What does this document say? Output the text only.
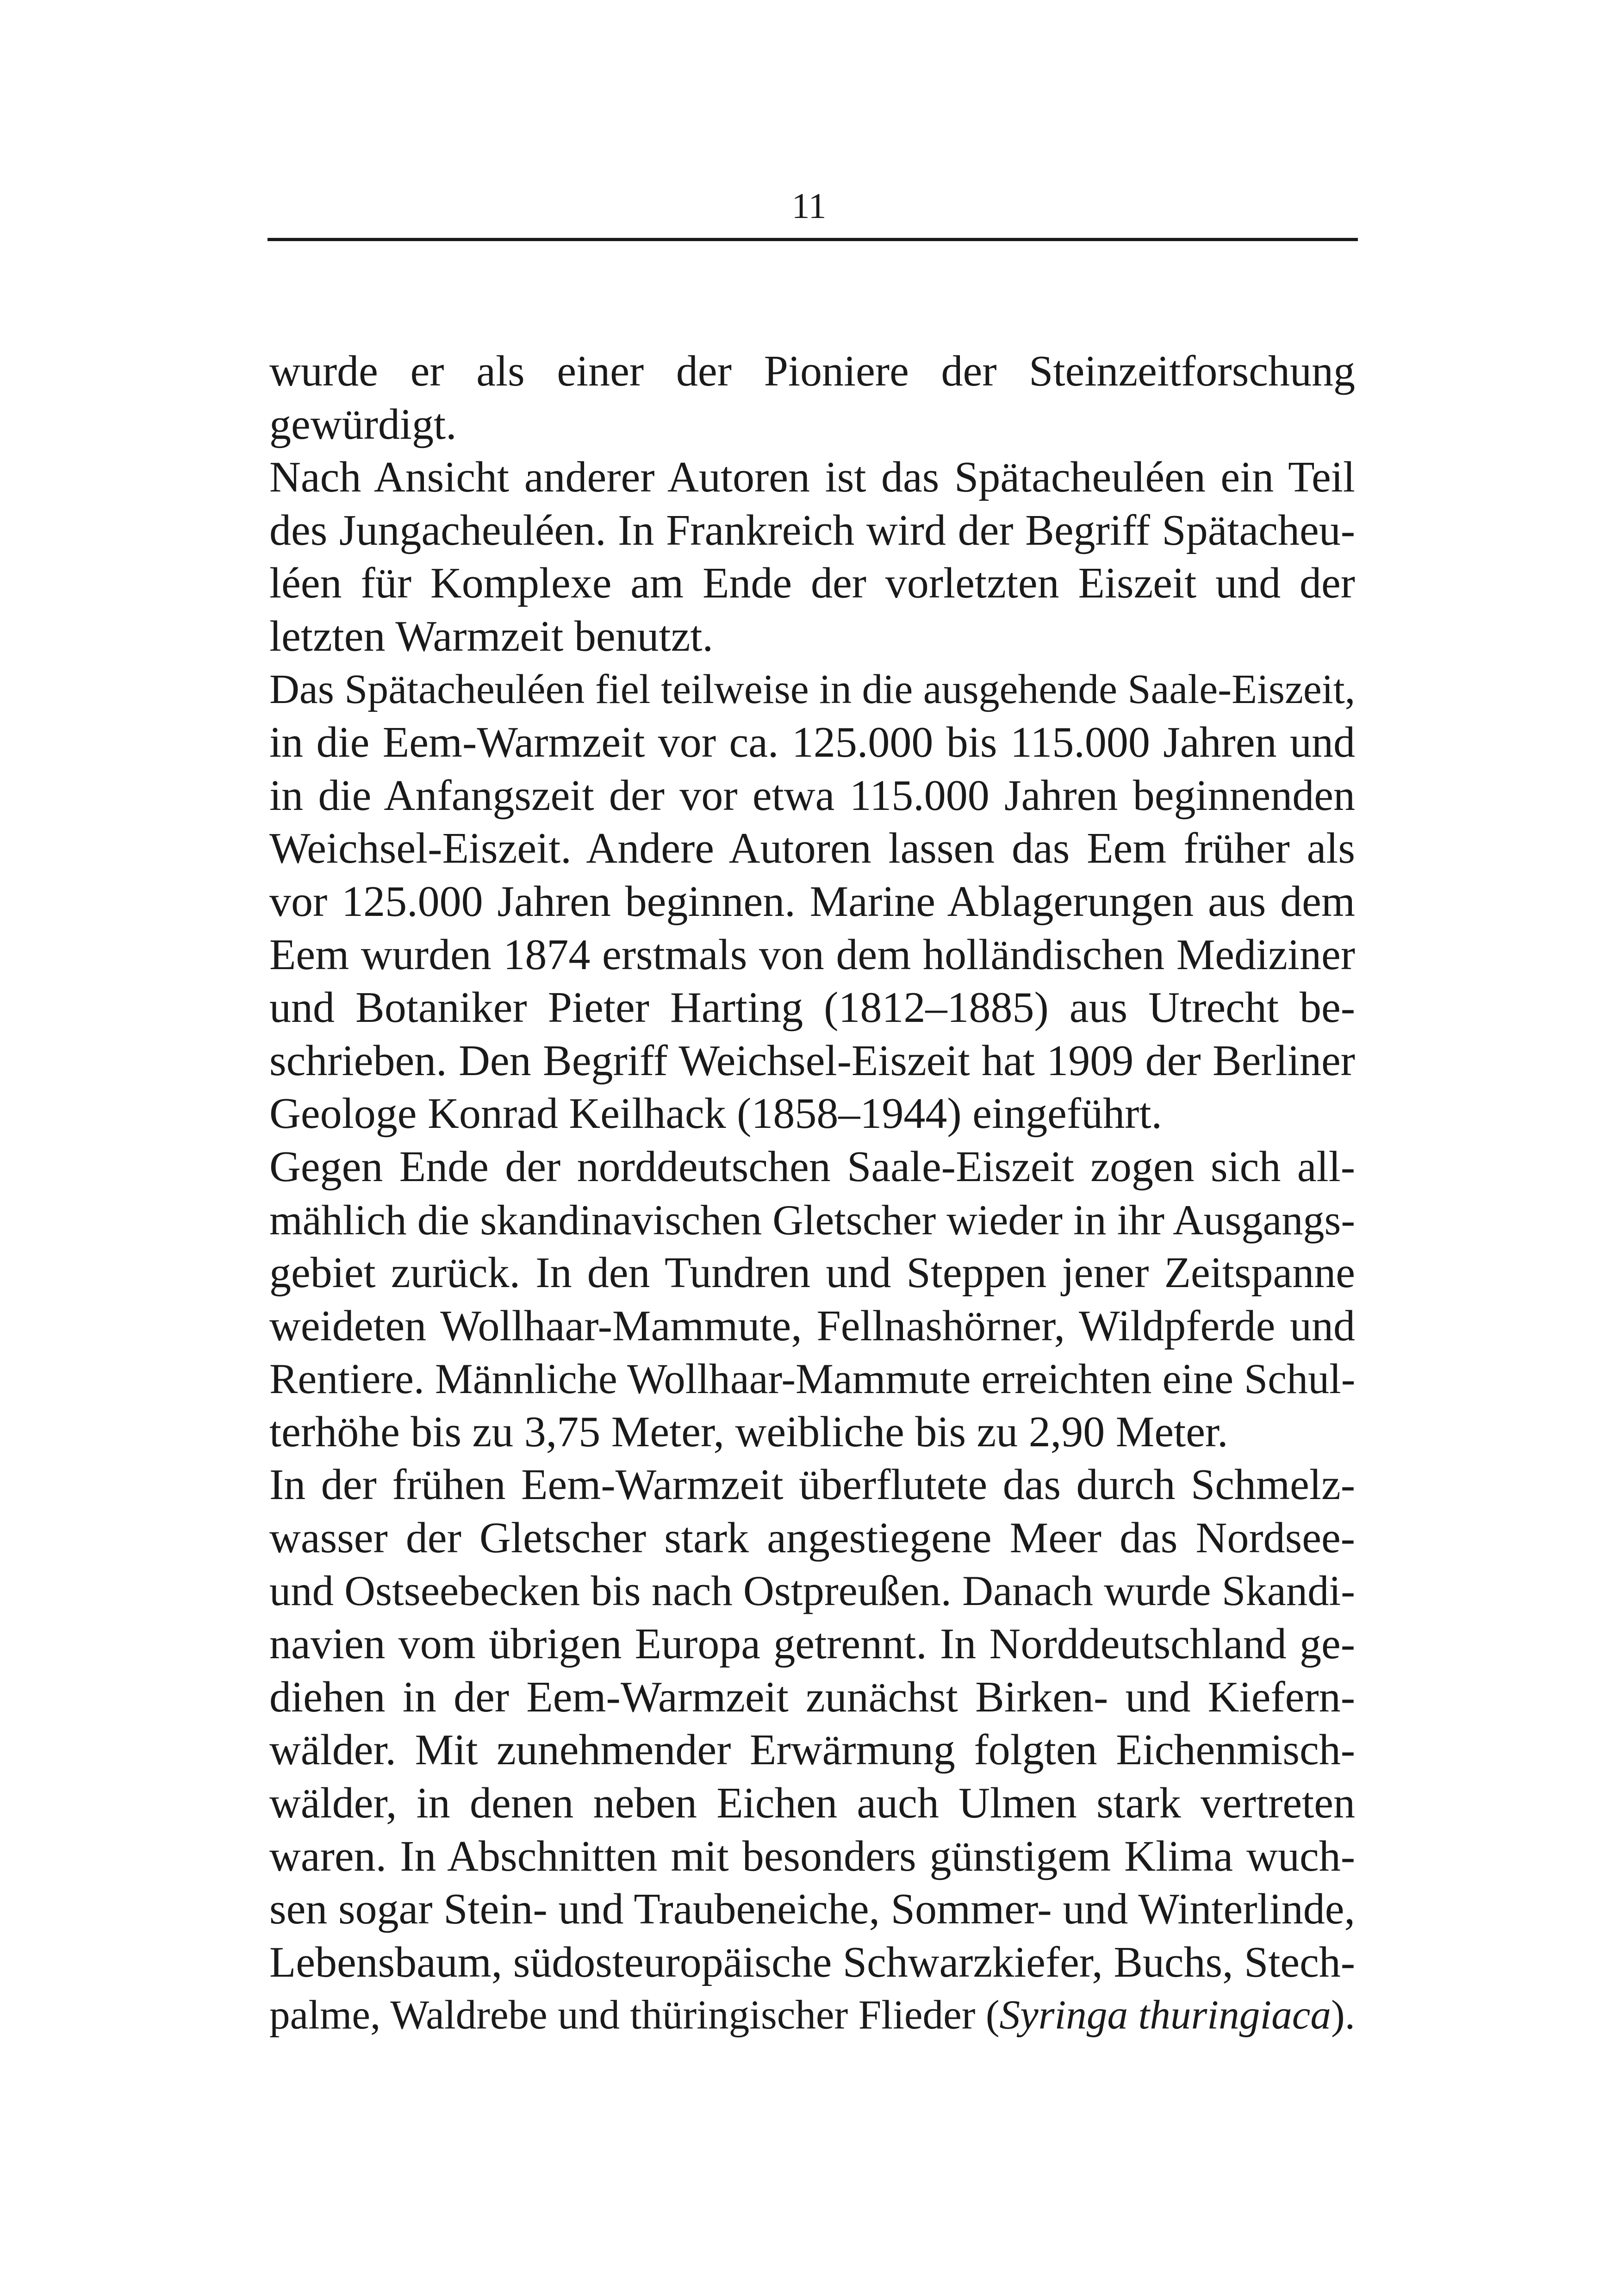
11
wurde er als einer der Pioniere der Steinzeitforschung
gewürdigt.
Nach Ansicht anderer Autoren ist das Spätacheuléen ein Teil
des Jungacheuléen. In Frankreich wird der Begriff Spätacheu-
léen für Komplexe am Ende der vorletzten Eiszeit und der
letzten Warmzeit benutzt.
Das Spätacheuléen fiel teilweise in die ausgehende Saale-Eiszeit,
in die Eem-Warmzeit vor ca. 125.000 bis 115.000 Jahren und
in die Anfangszeit der vor etwa 115.000 Jahren beginnenden
Weichsel-Eiszeit. Andere Autoren lassen das Eem früher als
vor 125.000 Jahren beginnen. Marine Ablagerungen aus dem
Eem wurden 1874 erstmals von dem holländischen Mediziner
und Botaniker Pieter Harting (1812–1885) aus Utrecht be-
schrieben. Den Begriff Weichsel-Eiszeit hat 1909 der Berliner
Geologe Konrad Keilhack (1858–1944) eingeführt.
Gegen Ende der norddeutschen Saale-Eiszeit zogen sich all-
mählich die skandinavischen Gletscher wieder in ihr Ausgangs-
gebiet zurück. In den Tundren und Steppen jener Zeitspanne
weideten Wollhaar-Mammute, Fellnashörner, Wildpferde und
Rentiere. Männliche Wollhaar-Mammute erreichten eine Schul-
terhöhe bis zu 3,75 Meter, weibliche bis zu 2,90 Meter.
In der frühen Eem-Warmzeit überflutete das durch Schmelz-
wasser der Gletscher stark angestiegene Meer das Nordsee-
und Ostseebecken bis nach Ostpreußen. Danach wurde Skandi-
navien vom übrigen Europa getrennt. In Norddeutschland ge-
diehen in der Eem-Warmzeit zunächst Birken- und Kiefern-
wälder. Mit zunehmender Erwärmung folgten Eichenmisch-
wälder, in denen neben Eichen auch Ulmen stark vertreten
waren. In Abschnitten mit besonders günstigem Klima wuch-
sen sogar Stein- und Traubeneiche, Sommer- und Winterlinde,
Lebensbaum, südosteuropäische Schwarzkiefer, Buchs, Stech-
palme, Waldrebe und thüringischer Flieder (Syringa thuringiaca).
